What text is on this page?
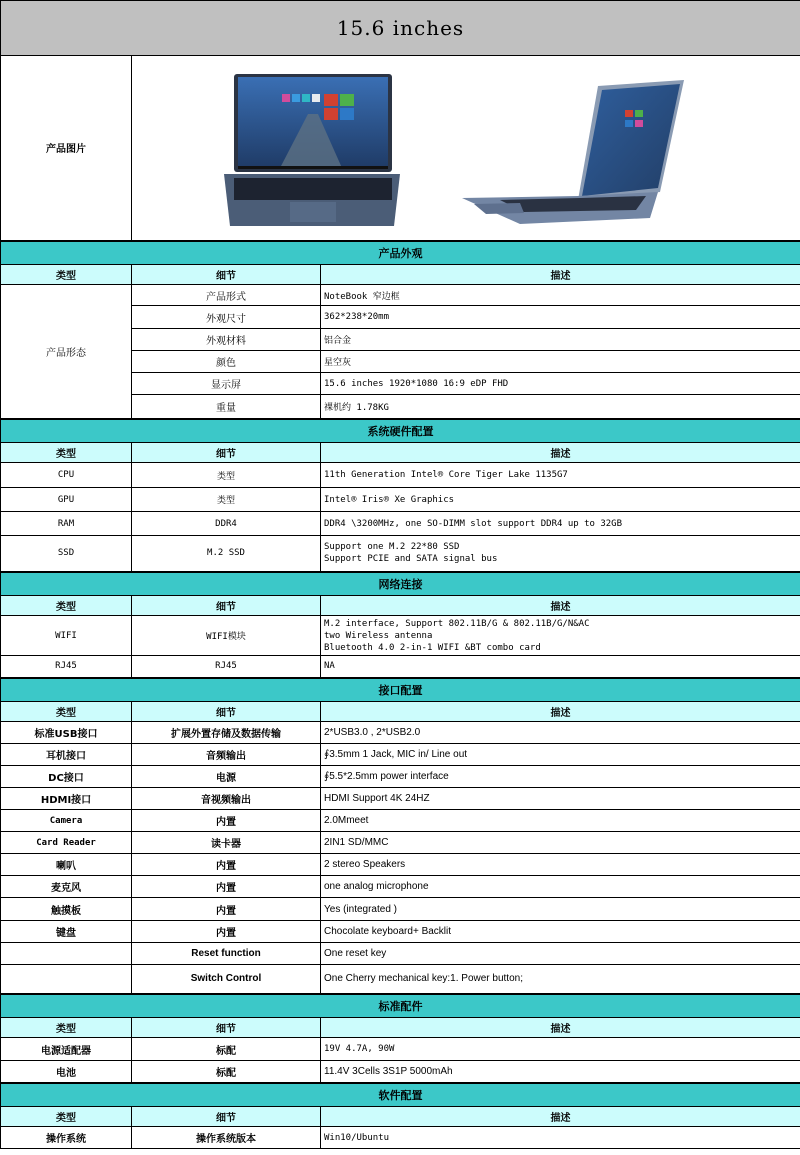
15.6 inches		
产品图片	

产品外观		
类型	细节	描述
产品形态	产品形式	NoteBook 窄边框
	外观尺寸	362*238*20mm
	外观材料	铝合金
	颜色	星空灰
	显示屏	15.6 inches 1920*1080 16:9 eDP FHD
	重量	裸机约 1.78KG
系统硬件配置		
类型	细节	描述
CPU	类型	11th Generation Intel® Core Tiger Lake 1135G7
GPU	类型	Intel® Iris® Xe Graphics
RAM	DDR4	DDR4 \3200MHz, one SO-DIMM slot support DDR4 up to 32GB
SSD	M.2 SSD	Support one M.2 22*80 SSD
Support PCIE and SATA signal bus

网络连接		
类型	细节	描述
WIFI	WIFI模块	M.2 interface, Support 802.11B/G & 802.11B/G/N&AC
two Wireless antenna
Bluetooth 4.0 2-in-1 WIFI &BT combo card

RJ45	RJ45	NA
接口配置		
类型	细节	描述
标准USB接口	扩展外置存储及数据传输	2*USB3.0 , 2*USB2.0
耳机接口	音频输出	∮3.5mm 1 Jack, MIC in/ Line out
DC接口	电源	∮5.5*2.5mm power interface
HDMI接口	音视频输出	HDMI Support 4K 24HZ
Camera	内置	2.0Mmeet
Card Reader	读卡器	2IN1 SD/MMC
喇叭	内置	2 stereo Speakers
麦克风	内置	one analog microphone
触摸板	内置	Yes (integrated )
键盘	内置	Chocolate keyboard+ Backlit
	Reset function	One reset key
	Switch Control	One Cherry mechanical key:1. Power button;
标准配件		
类型	细节	描述
电源适配器	标配	19V 4.7A, 90W
电池	标配	11.4V 3Cells 3S1P 5000mAh
软件配置		
类型	细节	描述
操作系统	操作系统版本	Win10/Ubuntu
